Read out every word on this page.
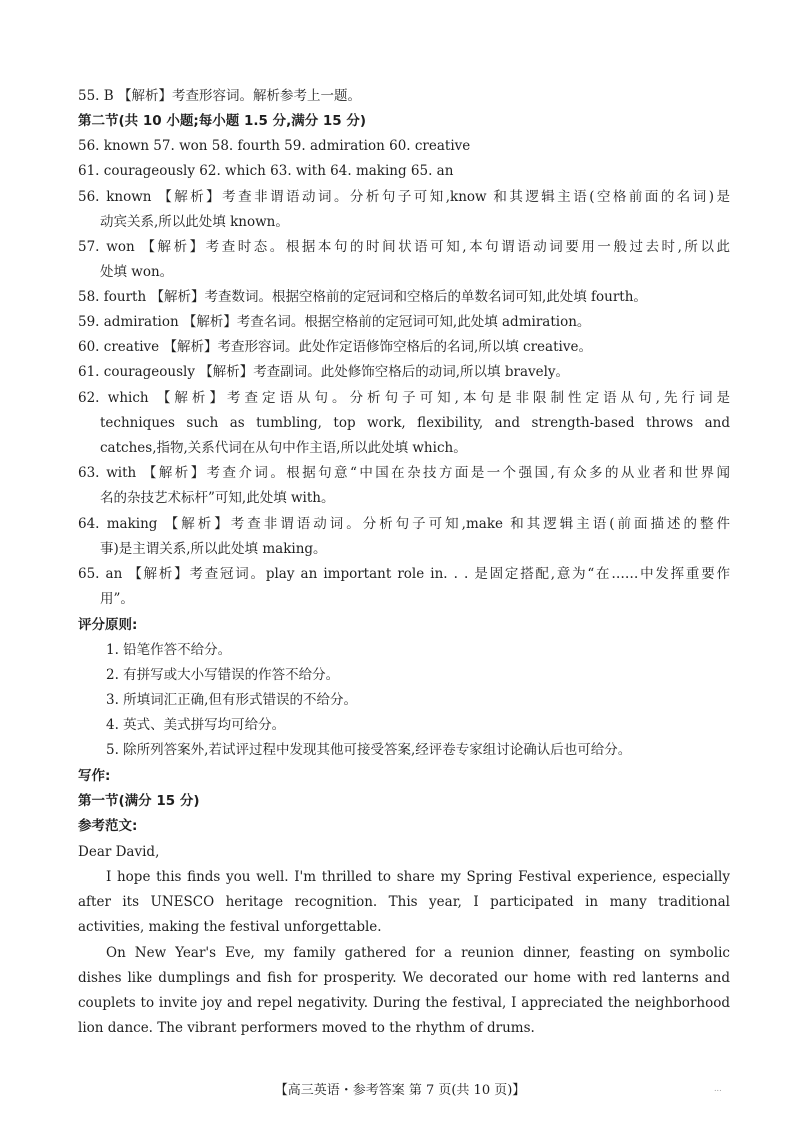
55. B 【解析】考查形容词。解析参考上一题。
第二节(共 10 小题;每小题 1.5 分,满分 15 分)
56. known 57. won 58. fourth 59. admiration 60. creative
61. courageously 62. which 63. with 64. making 65. an
56. known 【解析】考查非谓语动词。分析句子可知,know 和其逻辑主语(空格前面的名词)是
动宾关系,所以此处填 known。
57. won 【解析】考查时态。根据本句的时间状语可知,本句谓语动词要用一般过去时,所以此
处填 won。
58. fourth 【解析】考查数词。根据空格前的定冠词和空格后的单数名词可知,此处填 fourth。
59. admiration 【解析】考查名词。根据空格前的定冠词可知,此处填 admiration。
60. creative 【解析】考查形容词。此处作定语修饰空格后的名词,所以填 creative。
61. courageously 【解析】考查副词。此处修饰空格后的动词,所以填 bravely。
62. which 【解析】考查定语从句。分析句子可知,本句是非限制性定语从句,先行词是
techniques such as tumbling, top work, flexibility, and strength-based throws and
catches,指物,关系代词在从句中作主语,所以此处填 which。
63. with 【解析】考查介词。根据句意“中国在杂技方面是一个强国,有众多的从业者和世界闻
名的杂技艺术标杆”可知,此处填 with。
64. making 【解析】考查非谓语动词。分析句子可知,make 和其逻辑主语(前面描述的整件
事)是主谓关系,所以此处填 making。
65. an 【解析】考查冠词。play an important role in. . . 是固定搭配,意为“在……中发挥重要作
用”。
评分原则:
1. 铅笔作答不给分。
2. 有拼写或大小写错误的作答不给分。
3. 所填词汇正确,但有形式错误的不给分。
4. 英式、美式拼写均可给分。
5. 除所列答案外,若试评过程中发现其他可接受答案,经评卷专家组讨论确认后也可给分。
写作:
第一节(满分 15 分)
参考范文:
Dear David,
I hope this finds you well. I'm thrilled to share my Spring Festival experience, especially
after its UNESCO heritage recognition. This year, I participated in many traditional
activities, making the festival unforgettable.
On New Year's Eve, my family gathered for a reunion dinner, feasting on symbolic
dishes like dumplings and fish for prosperity. We decorated our home with red lanterns and
couplets to invite joy and repel negativity. During the festival, I appreciated the neighborhood
lion dance. The vibrant performers moved to the rhythm of drums.
【高三英语・参考答案 第 7 页(共 10 页)】	...
